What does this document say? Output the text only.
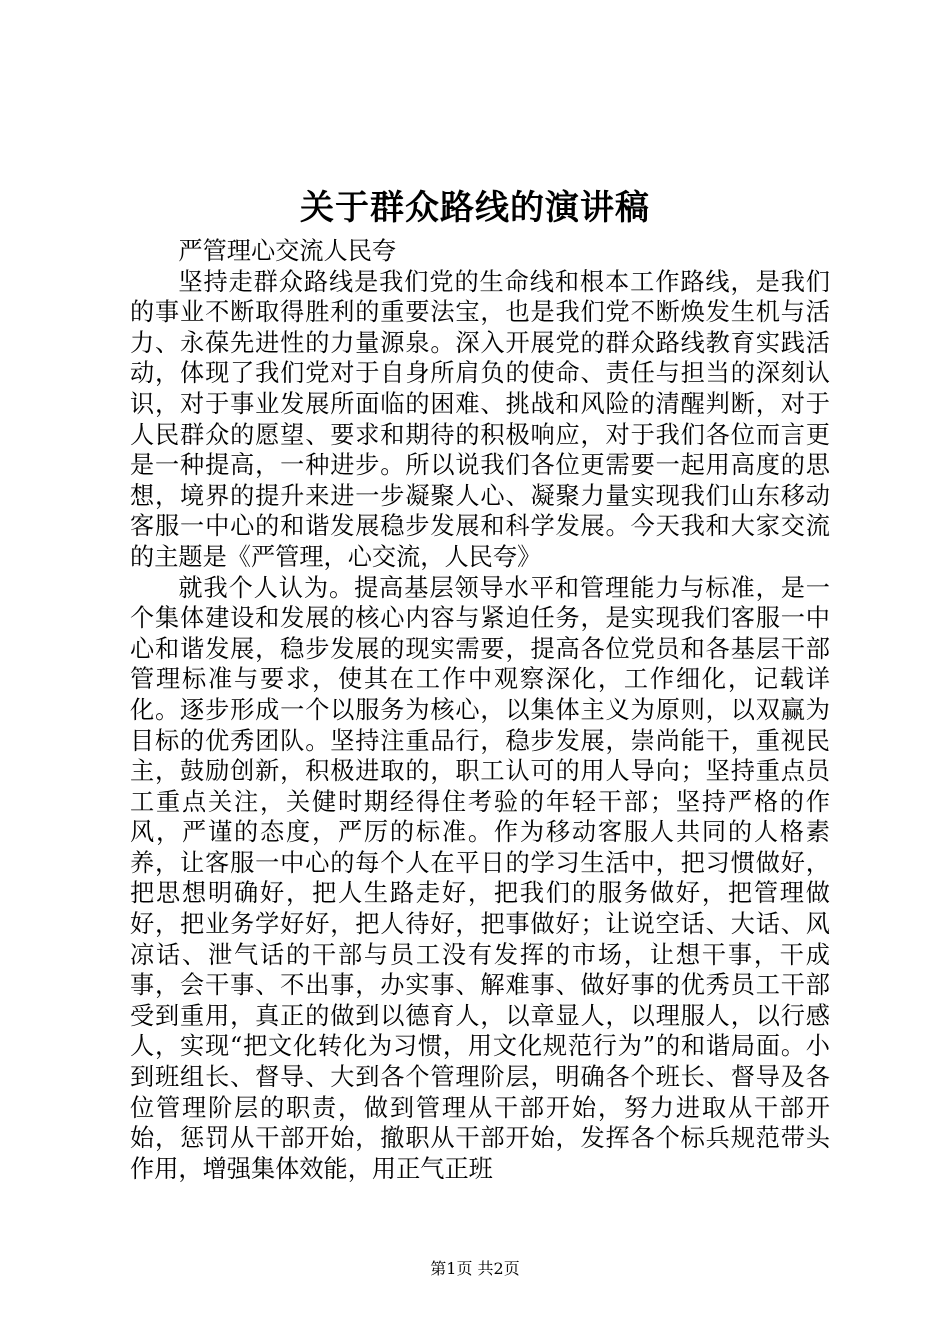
关于群众路线的演讲稿

严管理心交流人民夸

坚持走群众路线是我们党的生命线和根本工作路线，是我们的事业不断取得胜利的重要法宝，也是我们党不断焕发生机与活力、永葆先进性的力量源泉。深入开展党的群众路线教育实践活动，体现了我们党对于自身所肩负的使命、责任与担当的深刻认识，对于事业发展所面临的困难、挑战和风险的清醒判断，对于人民群众的愿望、要求和期待的积极响应，对于我们各位而言更是一种提高，一种进步。所以说我们各位更需要一起用高度的思想，境界的提升来进一步凝聚人心、凝聚力量实现我们山东移动客服一中心的和谐发展稳步发展和科学发展。今天我和大家交流的主题是《严管理，心交流，人民夸》

就我个人认为。提高基层领导水平和管理能力与标准，是一个集体建设和发展的核心内容与紧迫任务，是实现我们客服一中心和谐发展，稳步发展的现实需要，提高各位党员和各基层干部管理标准与要求，使其在工作中观察深化，工作细化，记载详化。逐步形成一个以服务为核心，以集体主义为原则，以双赢为目标的优秀团队。坚持注重品行，稳步发展，崇尚能干，重视民主，鼓励创新，积极进取的，职工认可的用人导向；坚持重点员工重点关注，关健时期经得住考验的年轻干部；坚持严格的作风，严谨的态度，严厉的标准。作为移动客服人共同的人格素养，让客服一中心的每个人在平日的学习生活中，把习惯做好，把思想明确好，把人生路走好，把我们的服务做好，把管理做好，把业务学好好，把人待好，把事做好；让说空话、大话、风凉话、泄气话的干部与员工没有发挥的市场，让想干事，干成事，会干事、不出事，办实事、解难事、做好事的优秀员工干部受到重用，真正的做到以德育人，以章显人，以理服人，以行感人，实现“把文化转化为习惯，用文化规范行为”的和谐局面。小到班组长、督导、大到各个管理阶层，明确各个班长、督导及各位管理阶层的职责，做到管理从干部开始，努力进取从干部开始，惩罚从干部开始，撤职从干部开始，发挥各个标兵规范带头作用，增强集体效能，用正气正班

第1页 共2页
